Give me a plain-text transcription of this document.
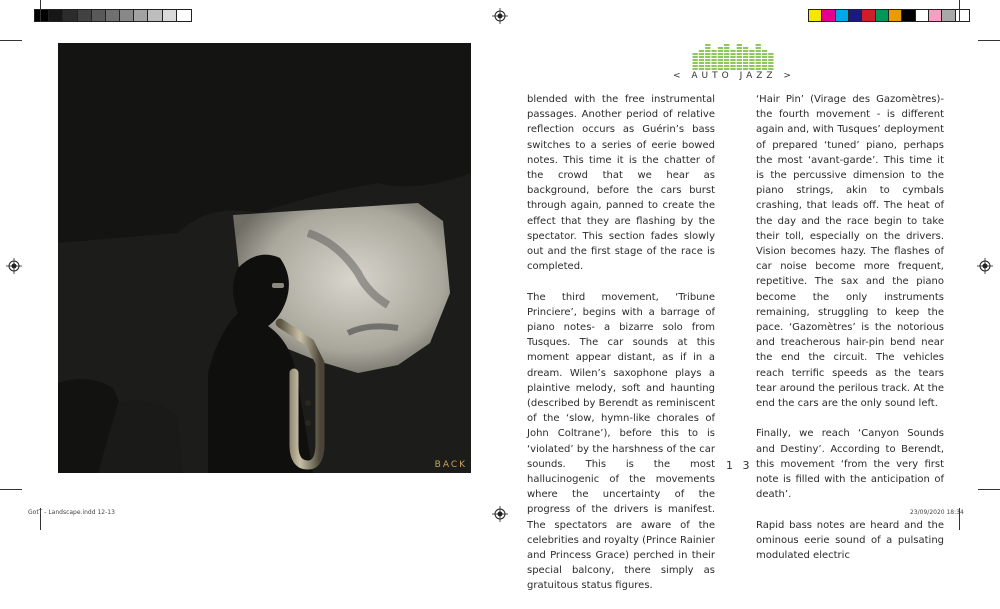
BACK
< AUTO JAZZ >

blended with the free instrumental passages. Another period of relative reflection occurs as Guérin’s bass switches to a series of eerie bowed notes. This time it is the chatter of the crowd that we hear as background, before the cars burst through again, panned to create the effect that they are flashing by the spectator. This section fades slowly out and the first stage of the race is completed.

The third movement, ‘Tribune Princiere’, begins with a barrage of piano notes- a bizarre solo from Tusques. The car sounds at this moment appear distant, as if in a dream. Wilen’s saxophone plays a plaintive melody, soft and haunting (described by Berendt as reminiscent of the ‘slow, hymn-like chorales of John Coltrane’), before this to is ‘violated’ by the harshness of the car sounds. This is the most hallucinogenic of the movements where the uncertainty of the progress of the drivers is manifest. The spectators are aware of the celebrities and royalty (Prince Rainier and Princess Grace) perched in their special balcony, there simply as gratuitous status figures.

‘Hair Pin’ (Virage des Gazomètres)- the fourth movement - is different again and, with Tusques’ deployment of prepared ‘tuned’ piano, perhaps the most ‘avant-garde’. This time it is the percussive dimension to the piano strings, akin to cymbals crashing, that leads off. The heat of the day and the race begin to take their toll, especially on the drivers. Vision becomes hazy. The flashes of car noise become more frequent, repetitive. The sax and the piano become the only instruments remaining, struggling to keep the pace. ‘Gazomètres’ is the notorious and treacherous hair-pin bend near the end the circuit. The vehicles reach terrific speeds as the tears tear around the perilous track. At the end the cars are the only sound left.

Finally, we reach ‘Canyon Sounds and Destiny’. According to Berendt, this movement ‘from the very first note is filled with the anticipation of death’.

Rapid bass notes are heard and the ominous eerie sound of a pulsating modulated electric

1 3
GotT - Landscape.indd 12-13	23/09/2020 18:34
